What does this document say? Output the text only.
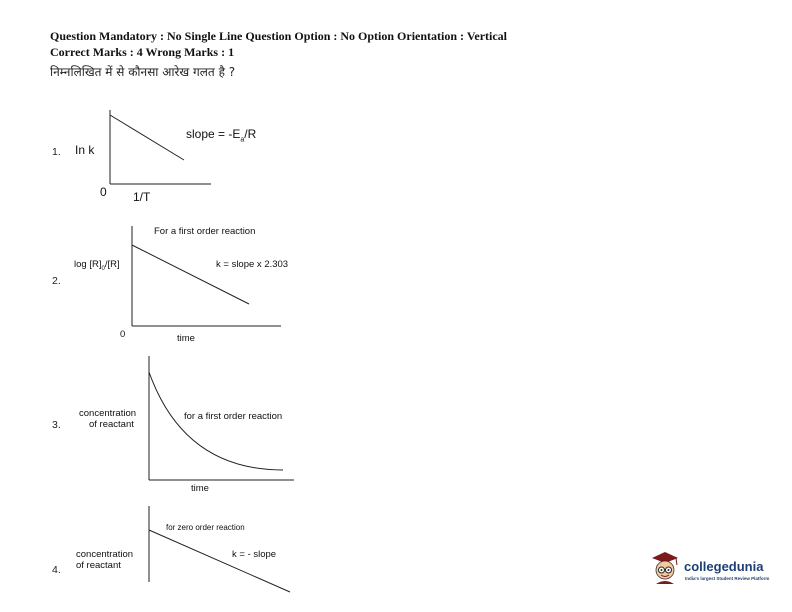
Question Mandatory : No Single Line Question Option : No Option Orientation : Vertical
Correct Marks : 4 Wrong Marks : 1
निम्नलिखित में से कौनसा आरेख गलत है ?
1. In k
0 1/T
slope = $-E_a/R$
2.
$\log [R]_0/[R]$
0	time
For a first order reaction
k = slope x 2.303
3.
concentration
of reactant
time
for a first order reaction
4.
concentration
of reactant
for zero order reaction
k = - slope
collegedunia
India's largest Student Review Platform
